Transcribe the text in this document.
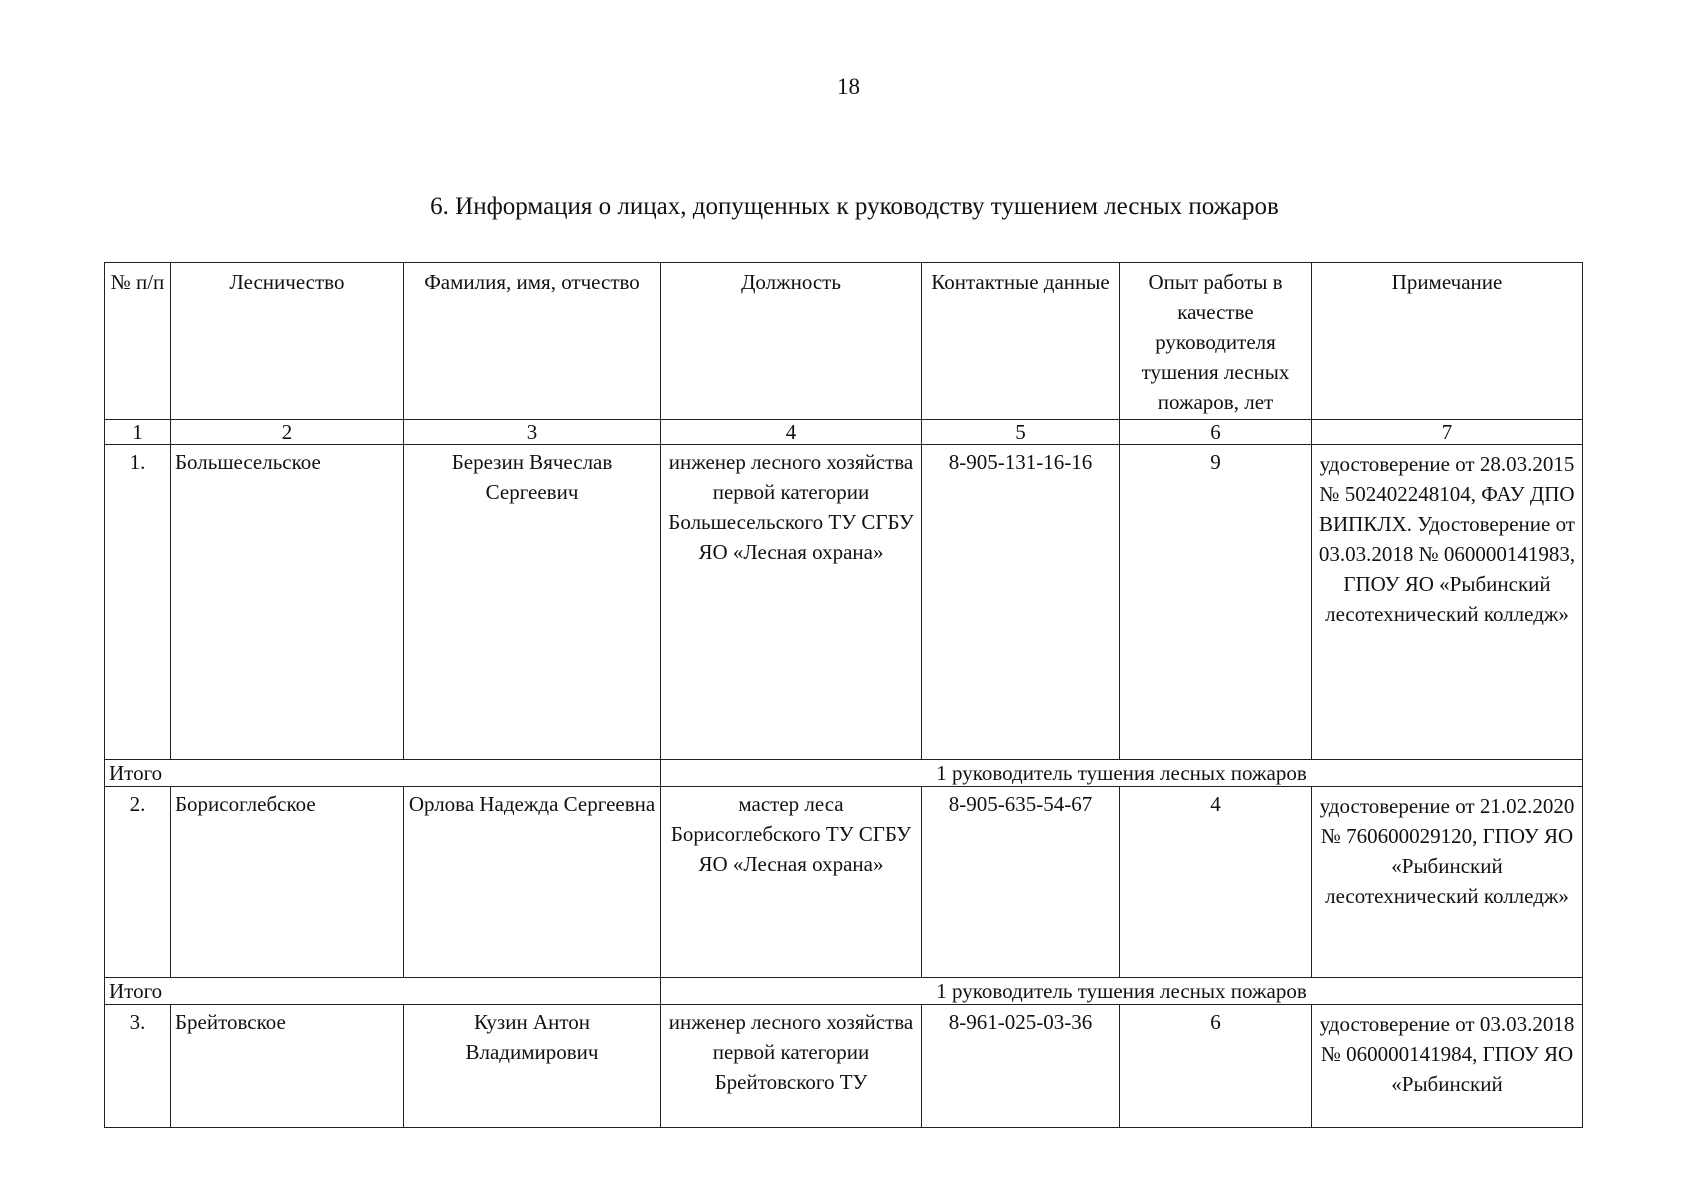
18
6. Информация о лицах, допущенных к руководству тушением лесных пожаров
№ п/п	Лесничество	Фамилия, имя, отчество	Должность	Контактные данные	Опыт работы в качестве руководителя тушения лесных пожаров, лет	Примечание
1	2	3	4	5	6	7
1.	Большесельское	Березин Вячеслав Сергеевич	инженер лесного хозяйства первой категории Большесельского ТУ СГБУ ЯО «Лесная охрана»	8-905-131-16-16	9	удостоверение от 28.03.2015 № 502402248104, ФАУ ДПО ВИПКЛХ. Удостоверение от 03.03.2018 № 060000141983, ГПОУ ЯО «Рыбинский лесотехнический колледж»
Итого			1 руководитель тушения лесных пожаров			
2.	Борисоглебское	Орлова Надежда Сергеевна	мастер леса Борисоглебского ТУ СГБУ ЯО «Лесная охрана»	8-905-635-54-67	4	удостоверение от 21.02.2020 № 760600029120, ГПОУ ЯО «Рыбинский лесотехнический колледж»
Итого			1 руководитель тушения лесных пожаров			
3.	Брейтовское	Кузин Антон Владимирович	инженер лесного хозяйства первой категории Брейтовского ТУ	8-961-025-03-36	6	удостоверение от 03.03.2018 № 060000141984, ГПОУ ЯО «Рыбинский
